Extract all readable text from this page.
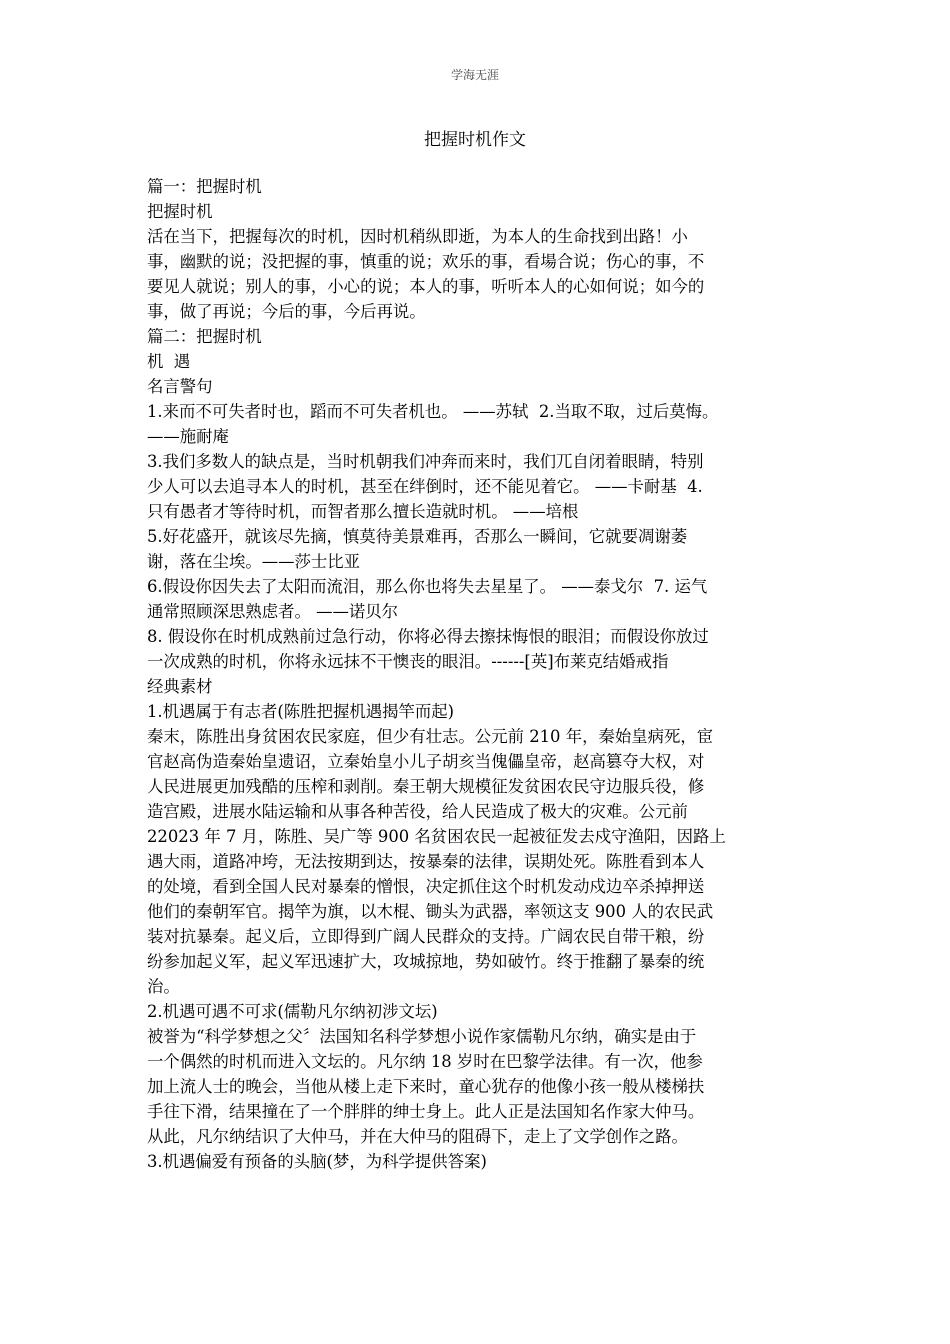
学海无涯
把握时机作文

篇一：把握时机

把握时机

活在当下，把握每次的时机，因时机稍纵即逝，为本人的生命找到出路！小

事，幽默的说；没把握的事，慎重的说；欢乐的事，看場合说；伤心的事，不

要见人就说；别人的事，小心的说；本人的事，听听本人的心如何说；如今的

事，做了再说；今后的事，今后再说。

篇二：把握时机

机  遇

名言警句

1.来而不可失者时也，蹈而不可失者机也。 ——苏轼  2.当取不取，过后莫悔。

——施耐庵

3.我们多数人的缺点是，当时机朝我们冲奔而来时，我们兀自闭着眼睛，特别

少人可以去追寻本人的时机，甚至在绊倒时，还不能见着它。 ——卡耐基  4.

只有愚者才等待时机，而智者那么擅长造就时机。 ——培根

5.好花盛开，就该尽先摘，慎莫待美景难再，否那么一瞬间，它就要凋谢萎

谢，落在尘埃。——莎士比亚

6.假设你因失去了太阳而流泪，那么你也将失去星星了。 ——泰戈尔  7. 运气

通常照顾深思熟虑者。 ——诺贝尔

8. 假设你在时机成熟前过急行动，你将必得去擦抹悔恨的眼泪；而假设你放过

一次成熟的时机，你将永远抹不干懊丧的眼泪。------[英]布莱克结婚戒指

经典素材

1.机遇属于有志者(陈胜把握机遇揭竿而起)

秦末，陈胜出身贫困农民家庭，但少有壮志。公元前 210 年，秦始皇病死，宦

官赵高伪造秦始皇遗诏，立秦始皇小儿子胡亥当傀儡皇帝，赵高篡夺大权，对

人民进展更加残酷的压榨和剥削。秦王朝大规模征发贫困农民守边服兵役，修

造宫殿，进展水陆运输和从事各种苦役，给人民造成了极大的灾难。公元前

22023 年 7 月，陈胜、吴广等 900 名贫困农民一起被征发去戍守渔阳，因路上

遇大雨，道路冲垮，无法按期到达，按暴秦的法律，误期处死。陈胜看到本人

的处境，看到全国人民对暴秦的憎恨，决定抓住这个时机发动戍边卒杀掉押送

他们的秦朝军官。揭竿为旗，以木棍、锄头为武器，率领这支 900 人的农民武

装对抗暴秦。起义后，立即得到广阔人民群众的支持。广阔农民自带干粮，纷

纷参加起义军，起义军迅速扩大，攻城掠地，势如破竹。终于推翻了暴秦的统

治。

2.机遇可遇不可求(儒勒凡尔纳初涉文坛)

被誉为“科学梦想之父〞法国知名科学梦想小说作家儒勒凡尔纳，确实是由于

一个偶然的时机而进入文坛的。凡尔纳 18 岁时在巴黎学法律。有一次，他参

加上流人士的晚会，当他从楼上走下来时，童心犹存的他像小孩一般从楼梯扶

手往下滑，结果撞在了一个胖胖的绅士身上。此人正是法国知名作家大仲马。

从此，凡尔纳结识了大仲马，并在大仲马的阻碍下，走上了文学创作之路。

3.机遇偏爱有预备的头脑(梦，为科学提供答案)
